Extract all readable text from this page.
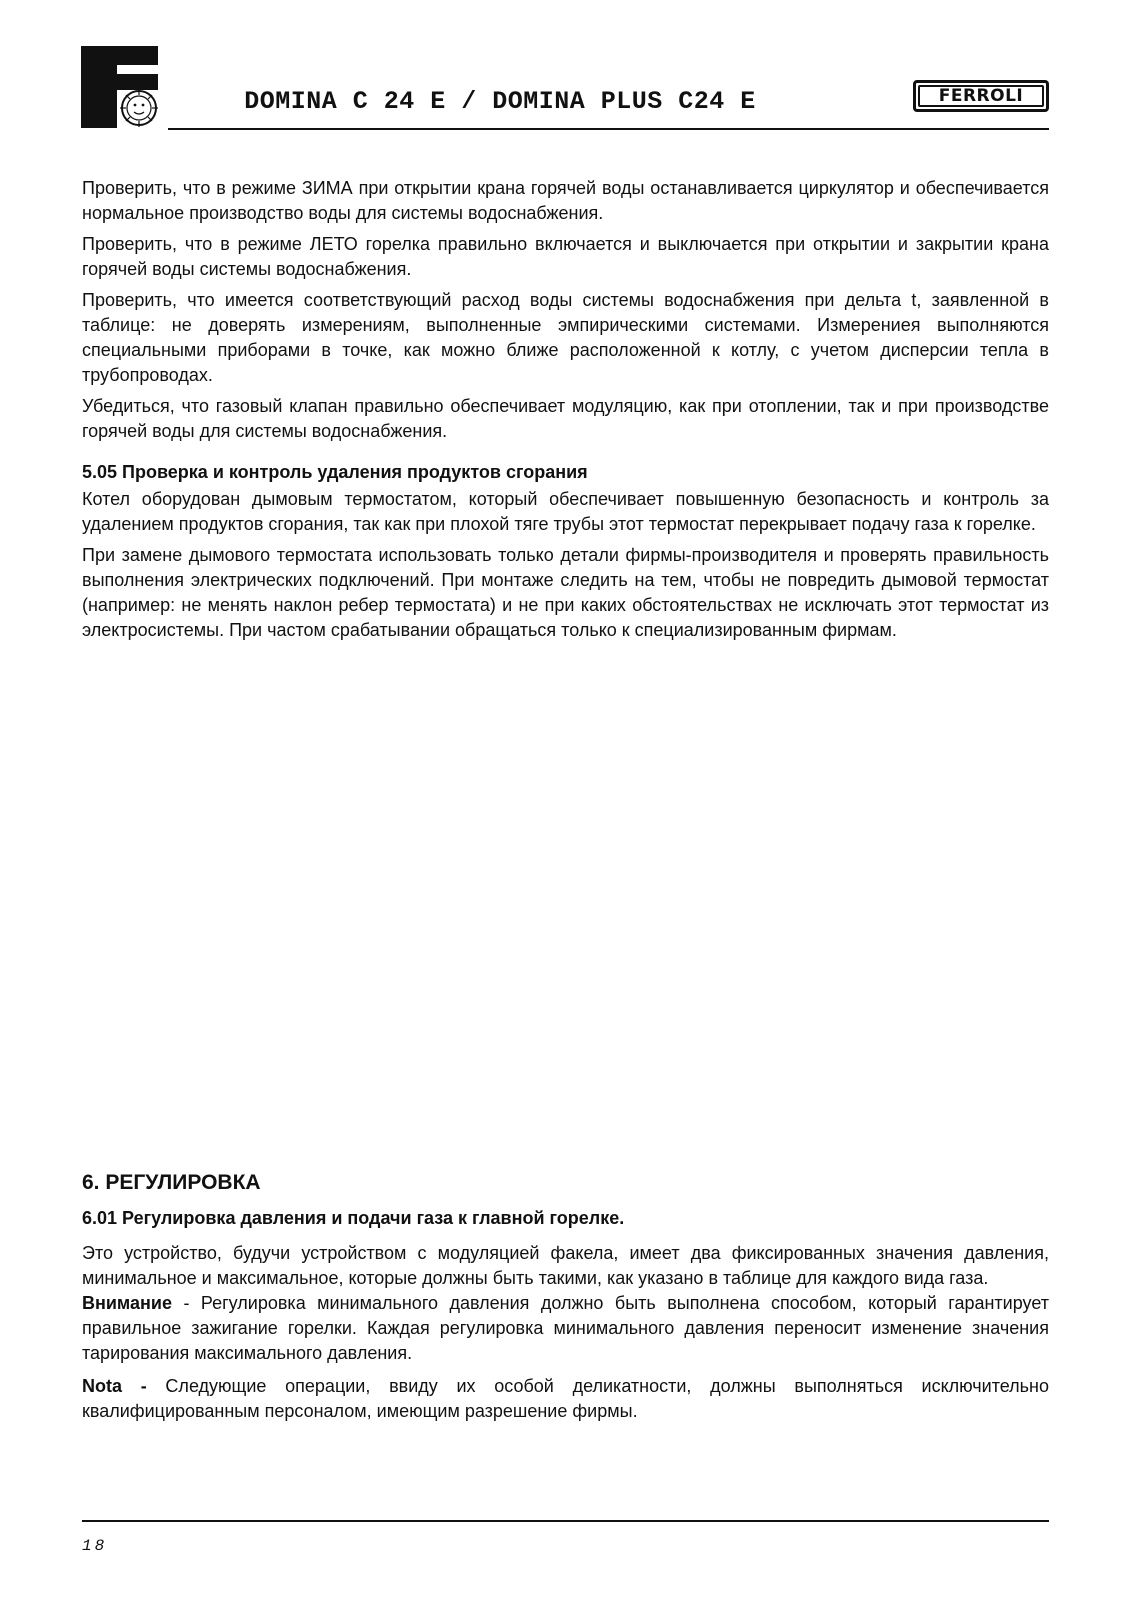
DOMINA C 24 E / DOMINA PLUS C24 E	FERROLI

Проверить, что в режиме ЗИМА при открытии крана горячей воды останавливается циркулятор и обеспечивается нормальное производство воды для системы водоснабжения.

Проверить, что в режиме ЛЕТО горелка правильно включается и выключается при открытии и закрытии крана горячей воды системы водоснабжения.

Проверить, что имеется соответствующий расход воды системы водоснабжения при дельта t, заявленной в таблице: не доверять измерениям, выполненные эмпирическими системами. Измерениея выполняются специальными приборами в точке, как можно ближе расположенной к котлу, с учетом дисперсии тепла в трубопроводах.

Убедиться, что газовый клапан правильно обеспечивает модуляцию, как при отоплении, так и при производстве горячей воды для системы водоснабжения.

5.05 Проверка и контроль удаления продуктов сгорания

Котел оборудован дымовым термостатом, который обеспечивает повышенную безопасность и контроль за удалением продуктов сгорания, так как при плохой тяге трубы этот термостат перекрывает подачу газа к горелке.

При замене дымового термостата использовать только детали фирмы-производителя и проверять правильность выполнения электрических подключений. При монтаже следить на тем, чтобы не повредить дымовой термостат (например: не менять наклон ребер термостата) и не при каких обстоятельствах не исключать этот термостат из электросистемы. При частом срабатывании обращаться только к специализированным фирмам.

6. РЕГУЛИРОВКА
6.01 Регулировка давления и подачи газа к главной горелке.

Это устройство, будучи устройством с модуляцией факела, имеет два фиксированных значения давления, минимальное и максимальное, которые должны быть такими, как указано в таблице для каждого вида газа.

Внимание - Регулировка минимального давления должно быть выполнена способом, который гарантирует правильное зажигание горелки. Каждая регулировка минимального давления переносит изменение значения тарирования максимального давления.

Nota - Следующие операции, ввиду их особой деликатности, должны выполняться исключительно квалифицированным персоналом, имеющим разрешение фирмы.

18
